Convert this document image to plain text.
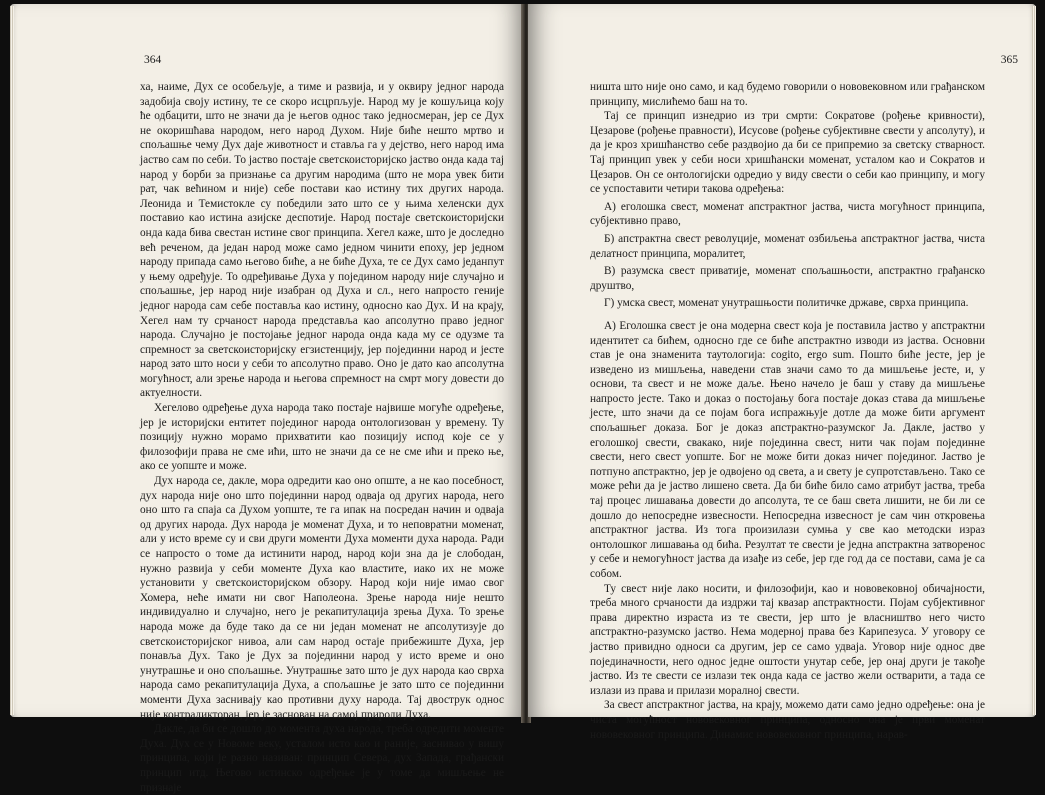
364

ха, наиме, Дух се особељује, а тиме и развија, и у оквиру једног народа задобија своју истину, те се скоро исцрпљује. Народ му је кошуљица коју ће одбацити, што не значи да је његов однос тако једносмеран, јер се Дух не окоришћава народом, него народ Духом. Није биће нешто мртво и спољашње чему Дух даје животност и ставља га у дејство, него народ има јаство сам по себи. То јаство постаје светскоисторијско јаство онда када тај народ у борби за признање са другим народима (што не мора увек бити рат, чак већином и није) себе постави као истину тих других народа. Леонида и Темистокле су победили зато што се у њима хеленски дух поставио као истина азијске деспотије. Народ постаје светскоисторијски онда када бива свестан истине свог принципа. Хегел каже, што је доследно већ реченом, да један народ може само једном чинити епоху, јер једном народу припада само његово биће, а не биће Духа, те се Дух само једанпут у њему одређује. То одређивање Духа у поједином народу није случајно и спољашње, јер народ није изабран од Духа и сл., него напросто гeније једног народа сам себе поставља као истину, односно као Дух. И на крају, Хегел нам ту срчаност народа представља као апсолутно право једног народа. Случајно је постојање једног народа онда када му се одузме та спремност за светскоисторијску егзистенцију, јер појединни народ и јесте народ зато што носи у себи то апсолутно право. Оно је дато као апсолутна могућност, али зрење народа и његова спремност на смрт могу довести до актуелности.

Хегелово одређење духа народа тако постаје највише могуће одређење, јер је историјски ентитет појединог народа онтологизован у времену. Ту позицију нужно морамо прихватити као позицију испод које се у филозофији права не сме ићи, што не значи да се не сме ићи и преко ње, ако се уопште и може.

Дух народа се, дакле, мора одредити као оно опште, а не као посебност, дух народа није оно што појединни народ одваја од других народа, него оно што га спаја са Духом уопште, те га ипак на посредан начин и одваја од других народа. Дух народа је моменат Духа, и то неповратни моменат, али у исто време су и сви други моменти Духа моменти духа народа. Ради се напросто о томе да истинити народ, народ који зна да је слободан, нужно развија у себи моменте Духа као властите, иако их не може установити у светскоисторијском обзору. Народ који није имао свог Хомера, неће имати ни свог Наполеона. Зрење народа није нешто индивидуално и случајно, него је рекапитулација зрења Духа. То зрење народа може да буде тако да се ни један моменат не апсолутизује до светскоисторијског нивоа, али сам народ остаје прибежиште Духа, јер понавља Дух. Тако је Дух за појединни народ у исто време и оно унутрашње и оно спољашње. Унутрашње зато што је дух народа као сврха народа само рекапитулација Духа, а спољашње је зато што се појединни моменти Духа заснивају као противни духу народа. Тај двострук однос није контрадикторан, јер је заснован на самој природи Духа.

Дакле, да би се дошло до момента духа народа, треба одредити моменте Духа. Дух се у Новоме веку, усталом исто као и раније, заснивао у вишу принципа, који је разно називан: принцип Севера, дух Запада, грађански принцип итд. Његово истинско одређење је у томе да мишљење не признаје

365

ништа што није оно само, и кад будемо говорили о нововековном или грађанском принципу, мислићемо баш на то.

Тај се принцип изнедрио из три смрти: Сократове (рођење кривности), Цезарове (рођење правности), Исусове (рођење субјективне свести у апсолуту), и да је кроз хришћанство себе раздвојио да би се припремио за светску стварност. Тај принцип увек у себи носи хришћански моменат, усталом као и Сократов и Цезаров. Он се онтологијски одредио у виду свести о себи као принципу, и могу се успоставити четири такова одређења:

А) еголошка свест, моменат апстрактног јаства, чиста могућност принципа, субјективно право,

Б) апстрактна свест револуције, моменат озбиљења апстрактног јаства, чиста делатност принципа, моралитет,

В) разумска свест приватије, моменат спољашњости, апстрактно грађанско друштво,

Г) умска свест, моменат унутрашњости политичке државе, сврха принципа.

А) Еголошка свест је она модерна свест која је поставила јаство у апстрактни идентитет са бићем, односно где се биће апстрактно изводи из јаства. Основни став је она знаменита таутологија: cogito, ergo sum. Пошто биће јесте, јер је изведено из мишљења, наведени став значи само то да мишљење јесте, и, у основи, та свест и не може даље. Њено начело је баш у ставу да мишљење напросто јесте. Тако и доказ о постојању бога постаје доказ става да мишљење јесте, што значи да се појам бога испражњује дотле да може бити аргумент спољашњег доказа. Бог је доказ апстрактно-разумског Ја. Дакле, јаство у еголошкој свести, свакако, није појединна свест, нити чак појам појединне свести, него свест уопште. Бог не може бити доказ ничег појединог. Јаство је потпуно апстрактно, јер је одвојено од света, а и свету је супротстављено. Тако се може рећи да је јаство лишено света. Да би биће било само атрибут јаства, треба тај процес лишавања довести до апсолута, те се баш света лишити, не би ли се дошло до непосредне извесности. Непосредна извесност је сам чин откровења апстрактног јаства. Из тога произилази сумња у све као методски израз онтолошког лишавања од бића. Резултат те свести је једна апстрактна затворенос у себе и немогућност јаства да изађе из себе, јер где год да се постави, сама је са собом.

Ту свест није лако носити, и филозофији, као и нововековној обичајности, треба много срчаности да издржи тај квазар апстрактности. Појам субјективног права директно израста из те свести, јер што је власништво него чисто апстрактно-разумско јаство. Нема модерној права без Карипезуса. У уговору се јаство привидно односи са другим, јер се само удваја. Уговор није однос две појединачности, него однос једне оштости унутар себе, јер онај други је такође јаство. Из те свести се излази тек онда када се јаство жели остварити, а тада се излази из права и прилази моралној свести.

За свест апстрактног јаства, на крају, можемо дати само једно одређење: она је чиста могућност нововековног принципа, односно она је први моменат нововековног принципа. Динамис нововековног принципа, нарав-
